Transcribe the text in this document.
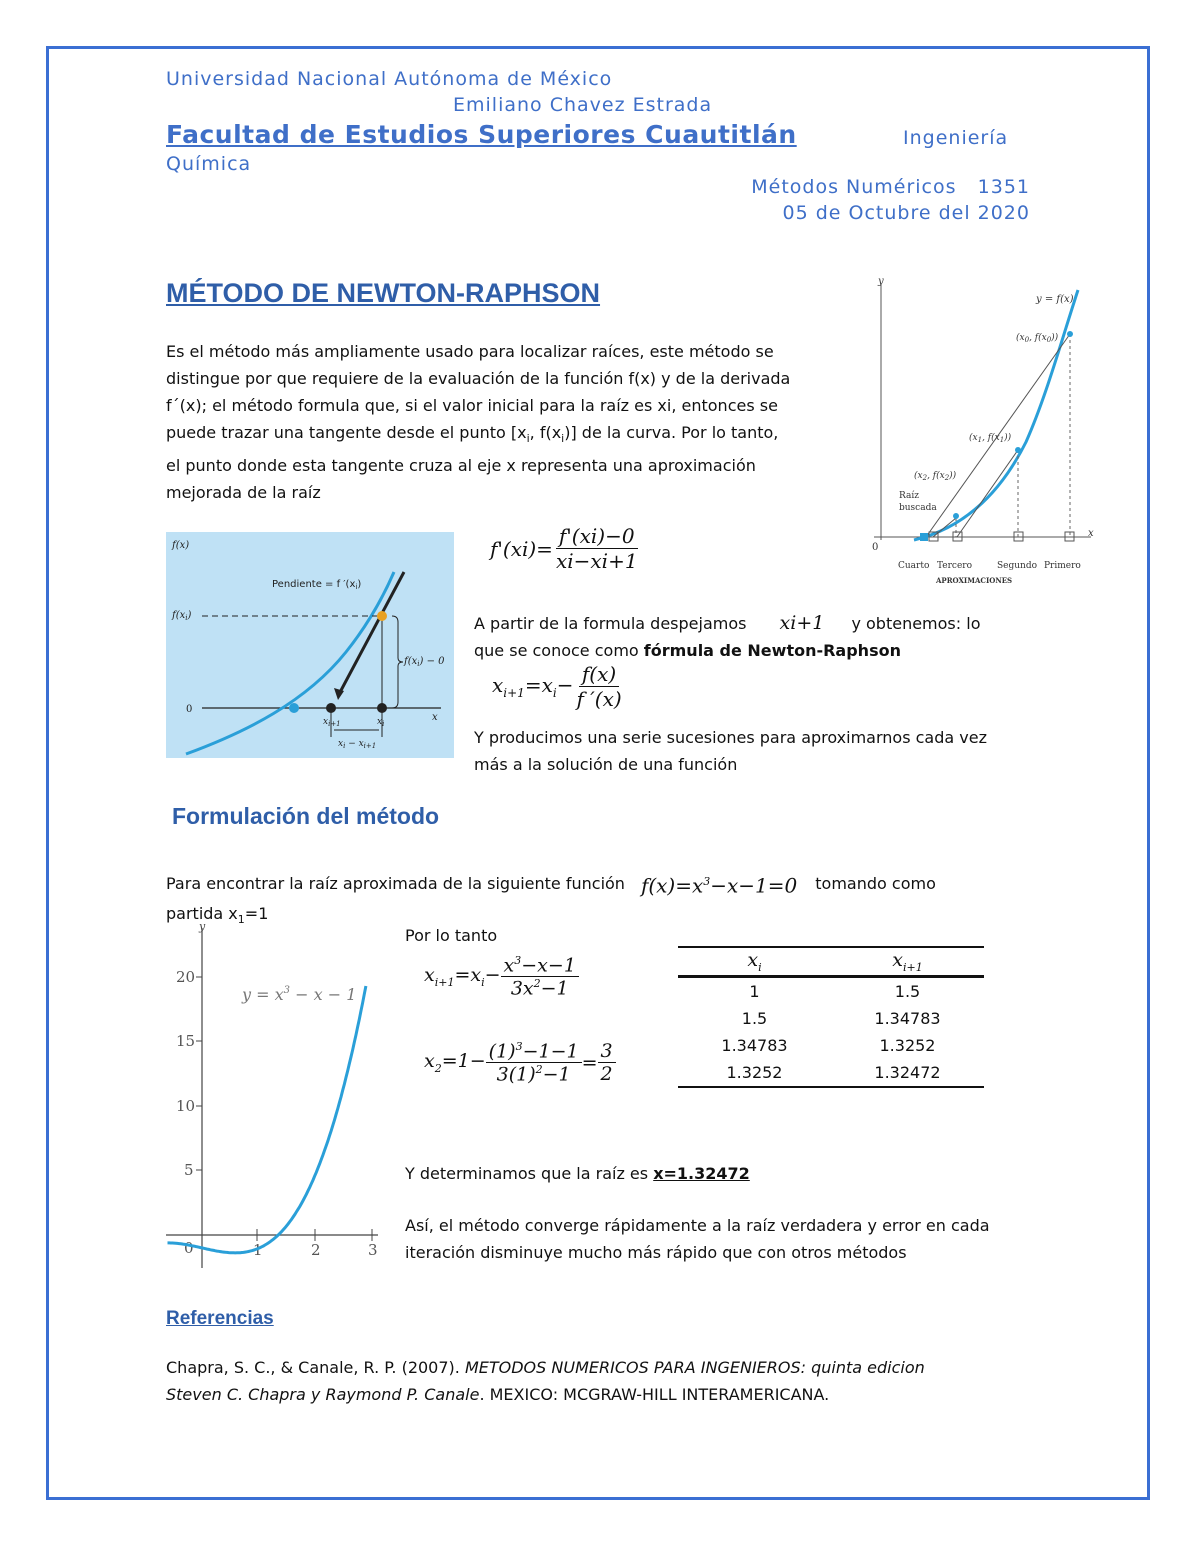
Universidad Nacional Autónoma de México
Emiliano Chavez Estrada
Facultad de Estudios Superiores Cuautitlán	Ingeniería
Química
Métodos Numéricos   1351
05 de Octubre del 2020
MÉTODO DE NEWTON-RAPHSON
Es el método más ampliamente usado para localizar raíces, este método se
distingue por que requiere de la evaluación de la función f(x) y de la derivada
f´(x); el método formula que, si el valor inicial para la raíz es xi, entonces se
puede trazar una tangente desde el punto [$x_i$, $f(x_i)$] de la curva. Por lo tanto,
el punto donde esta tangente cruza al eje x representa una aproximación
mejorada de la raíz
y
x
0
y = f(x)
($x_0$, $f(x_0)$)
($x_1$, $f(x_1)$)
($x_2$, $f(x_2)$)
Raíz
buscada
Cuarto Tercero	Segundo Primero
APROXIMACIONES
f(x)
Pendiente = f $'(x_i)$
$f(x_i)$
0
$f(x_i) - 0$
$x_{i+1}$	$x_i$
x
$x_i - x_{i+1}$
$f'(xi)= \frac{f'(xi)-0}{xi-xi+1}$
A partir de la formula despejamos xi+1 y obtenemos: lo
que se conoce como fórmula de Newton-Raphson
$x_{i+1}=x_i- \frac{f(x)}{f '(x)}$
Y producimos una serie sucesiones para aproximarnos cada vez
más a la solución de una función
Formulación del método
Para encontrar la raíz aproximada de la siguiente función $f(x)=x^3-x-1=0$ tomando como
partida $x_1=1$
y
20
15
10
5
0	1	2	3
$y = x^3 - x - 1$
Por lo tanto
$x_{i+1}=x_i- \frac{x^3-x-1}{3x^2-1}$
$x_2=1- \frac{(1)^3-1-1}{3(1)^2-1} = \frac{3}{2}$
$x_i$	$x_{i+1}$
1	1.5
1.5	1.34783
1.34783	1.3252
1.3252	1.32472
Y determinamos que la raíz es x=1.32472
Así, el método converge rápidamente a la raíz verdadera y error en cada
iteración disminuye mucho más rápido que con otros métodos
Referencias
Chapra, S. C., & Canale, R. P. (2007). METODOS NUMERICOS PARA INGENIEROS: quinta edicion
Steven C. Chapra y Raymond P. Canale. MEXICO: MCGRAW-HILL INTERAMERICANA.
